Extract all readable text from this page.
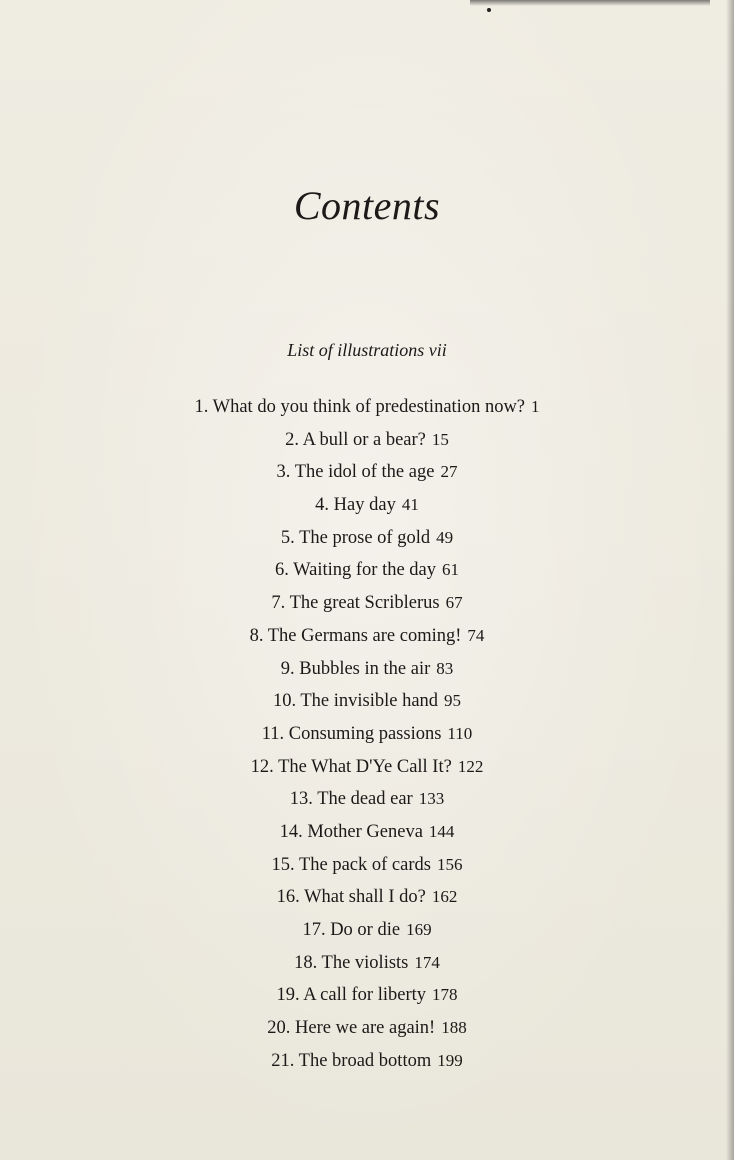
Contents
List of illustrations vii
1. What do you think of predestination now? 1
2. A bull or a bear? 15
3. The idol of the age 27
4. Hay day 41
5. The prose of gold 49
6. Waiting for the day 61
7. The great Scriblerus 67
8. The Germans are coming! 74
9. Bubbles in the air 83
10. The invisible hand 95
11. Consuming passions 110
12. The What D'Ye Call It? 122
13. The dead ear 133
14. Mother Geneva 144
15. The pack of cards 156
16. What shall I do? 162
17. Do or die 169
18. The violists 174
19. A call for liberty 178
20. Here we are again! 188
21. The broad bottom 199
